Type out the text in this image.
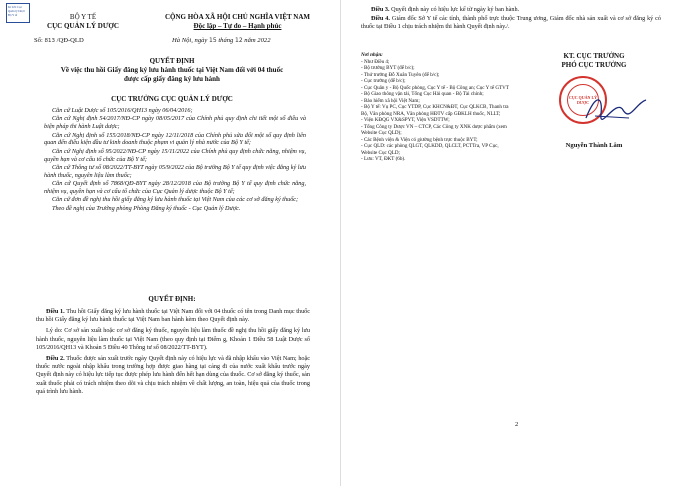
Kí bởi: Cục Quản lý Dược Bộ Y tế	BỘ Y TẾ
CỤC QUẢN LÝ DƯỢC
CỘNG HÒA XÃ HỘI CHỦ NGHĨA VIỆT NAM
Độc lập – Tự do – Hạnh phúc
Số: 813 /QĐ-QLD	Hà Nội, ngày 15 tháng 12 năm 2022
QUYẾT ĐỊNH
Về việc thu hồi Giấy đăng ký lưu hành thuốc tại Việt Nam đối với 04 thuốc
được cấp giấy đăng ký lưu hành
CỤC TRƯỞNG CỤC QUẢN LÝ DƯỢC

Căn cứ Luật Dược số 105/2016/QH13 ngày 06/04/2016;

Căn cứ Nghị định 54/2017/NĐ-CP ngày 08/05/2017 của Chính phủ quy định chi tiết một số điều và biện pháp thi hành Luật dược;

Căn cứ Nghị định số 155/2018/NĐ-CP ngày 12/11/2018 của Chính phủ sửa đổi một số quy định liên quan đến điều kiện đầu tư kinh doanh thuộc phạm vi quản lý nhà nước của Bộ Y tế;

Căn cứ Nghị định số 95/2022/NĐ-CP ngày 15/11/2022 của Chính phủ quy định chức năng, nhiệm vụ, quyền hạn và cơ cấu tổ chức của Bộ Y tế;

Căn cứ Thông tư số 08/2022/TT-BYT ngày 05/9/2022 của Bộ trưởng Bộ Y tế quy định việc đăng ký lưu hành thuốc, nguyên liệu làm thuốc;

Căn cứ Quyết định số 7868/QĐ-BYT ngày 28/12/2018 của Bộ trưởng Bộ Y tế quy định chức năng, nhiệm vụ, quyền hạn và cơ cấu tổ chức của Cục Quản lý dược thuộc Bộ Y tế;

Căn cứ đơn đề nghị thu hồi giấy đăng ký lưu hành thuốc tại Việt Nam của các cơ sở đăng ký thuốc;

Theo đề nghị của Trưởng phòng Phòng Đăng ký thuốc - Cục Quản lý Dược.

QUYẾT ĐỊNH:

Điều 1. Thu hồi Giấy đăng ký lưu hành thuốc tại Việt Nam đối với 04 thuốc có tên trong Danh mục thuốc thu hồi Giấy đăng ký lưu hành thuốc tại Việt Nam ban hành kèm theo Quyết định này.

Lý do: Cơ sở sản xuất hoặc cơ sở đăng ký thuốc, nguyên liệu làm thuốc đề nghị thu hồi giấy đăng ký lưu hành thuốc, nguyên liệu làm thuốc tại Việt Nam (theo quy định tại Điểm g, Khoản 1 Điều 58 Luật Dược số 105/2016/QH13 và Khoản 5 Điều 40 Thông tư số 08/2022/TT-BYT).

Điều 2. Thuốc được sản xuất trước ngày Quyết định này có hiệu lực và đã nhập khẩu vào Việt Nam; hoặc thuốc nước ngoài nhập khẩu trong trường hợp được giao hàng tại cảng đi của nước xuất khẩu trước ngày Quyết định này có hiệu lực tiếp tục được phép lưu hành đến hết hạn dùng của thuốc. Cơ sở đăng ký thuốc, sản xuất thuốc phải có trách nhiệm theo dõi và chịu trách nhiệm về chất lượng, an toàn, hiệu quả của thuốc trong quá trình lưu hành.

Điều 3. Quyết định này có hiệu lực kể từ ngày ký ban hành.

Điều 4. Giám đốc Sở Y tế các tỉnh, thành phố trực thuộc Trung ương, Giám đốc nhà sản xuất và cơ sở đăng ký có thuốc tại Điều 1 chịu trách nhiệm thi hành Quyết định này./.

Nơi nhận:
- Như Điều 4;
- Bộ trưởng BYT (để b/c);
- Thứ trưởng Đỗ Xuân Tuyên (để b/c);
- Cục trưởng (để b/c);
- Cục Quân y - Bộ Quốc phòng, Cục Y tế - Bộ Công an; Cục Y tế GTVT - Bộ Giao thông vận tải, Tổng Cục Hải quan - Bộ Tài chính;
- Bảo hiểm xã hội Việt Nam;
- Bộ Y tế: Vụ PC, Cục YTDP, Cục KHCN&ĐT, Cục QLKCB, Thanh tra Bộ, Văn phòng NRA, Văn phòng HĐTV cấp GĐKLH thuốc, NLLT;
- Viện KĐQG VX&SPYT, Viện VSDTTW;
- Tổng Công ty Dược VN – CTCP, Các Công ty XNK dược phẩm (xem Website Cục QLD);
- Các Bệnh viện & Viện có giường bệnh trực thuộc BYT;
- Cục QLD: các phòng QLGT, QLKDD, QLCLT, PCTTra, VP Cục, Website Cục QLD;
- Lưu: VT, ĐKT (6b).
KT. CỤC TRƯỞNG
PHÓ CỤC TRƯỞNG
CỤC QUẢN LÝ DƯỢC
Nguyễn Thành Lâm
2
